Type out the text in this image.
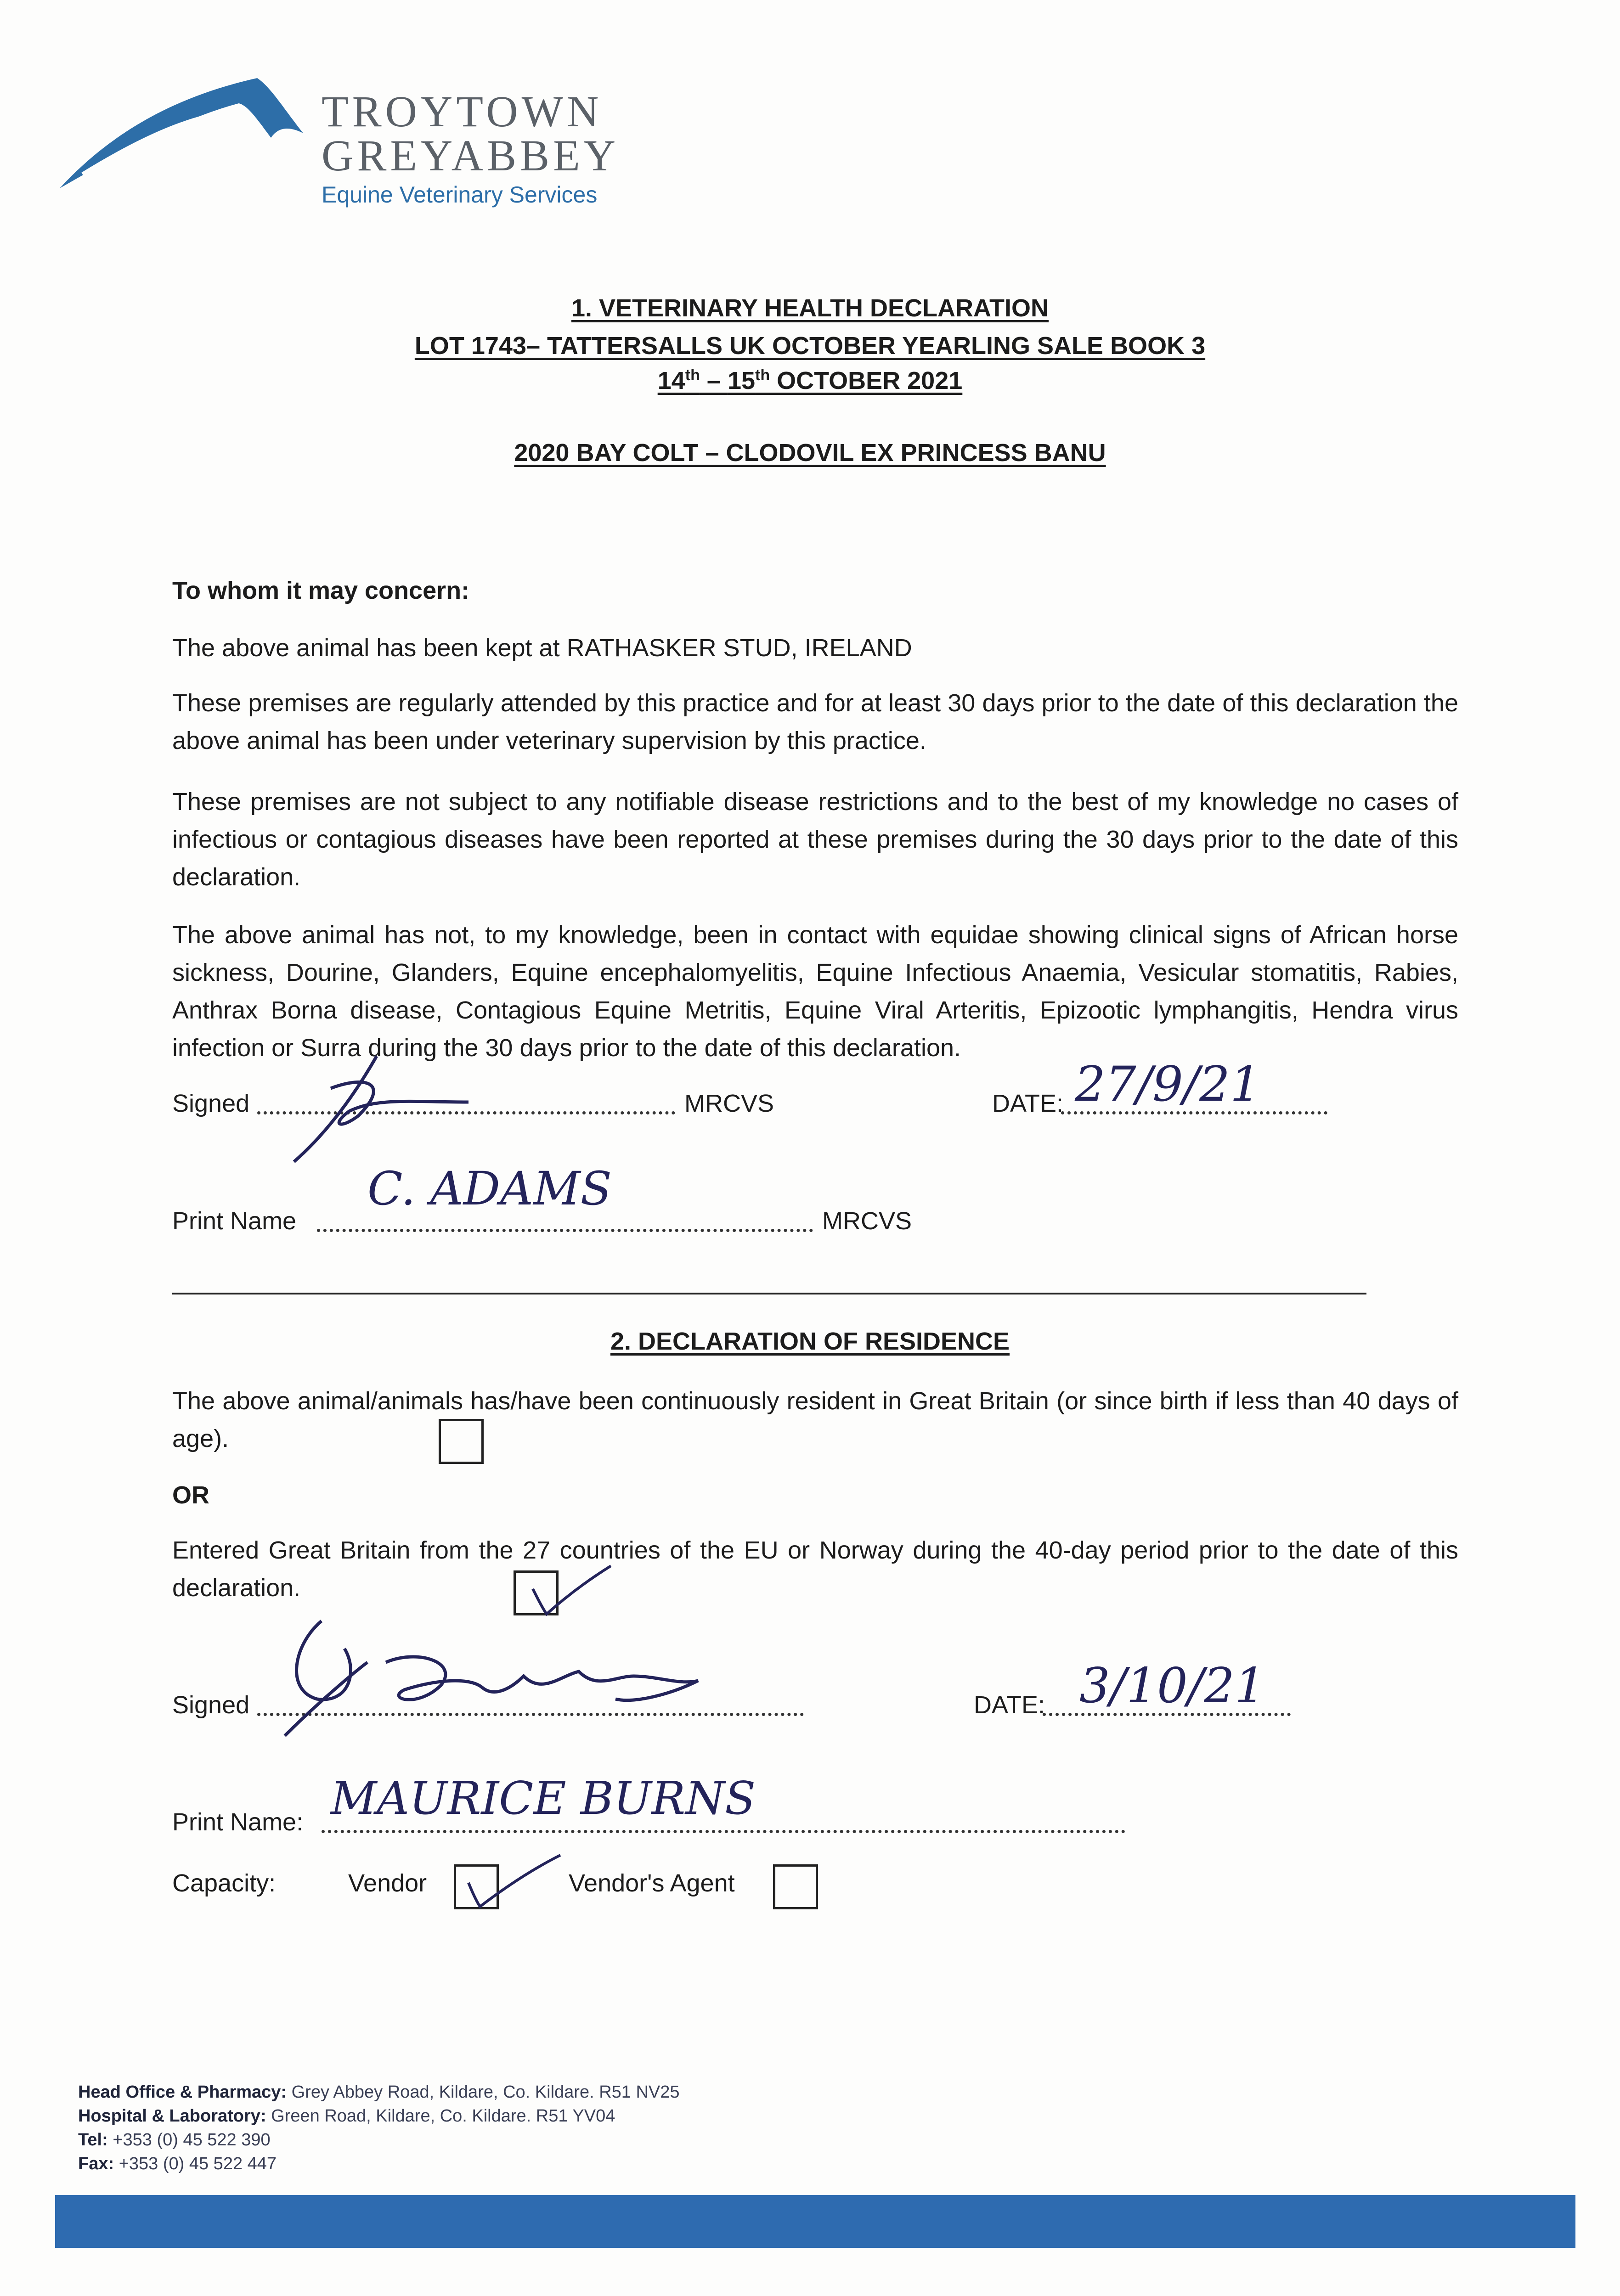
TROYTOWN
GREYABBEY
Equine Veterinary Services
1. VETERINARY HEALTH DECLARATION
LOT 1743– TATTERSALLS UK OCTOBER YEARLING SALE BOOK 3
14th – 15th OCTOBER 2021
2020 BAY COLT – CLODOVIL EX PRINCESS BANU

To whom it may concern:

The above animal has been kept at RATHASKER STUD, IRELAND

These premises are regularly attended by this practice and for at least 30 days prior to the date of this declaration the above animal has been under veterinary supervision by this practice.

These premises are not subject to any notifiable disease restrictions and to the best of my knowledge no cases of infectious or contagious diseases have been reported at these premises during the 30 days prior to the date of this declaration.

The above animal has not, to my knowledge, been in contact with equidae showing clinical signs of African horse sickness, Dourine, Glanders, Equine encephalomyelitis, Equine Infectious Anaemia, Vesicular stomatitis, Rabies, Anthrax Borna disease, Contagious Equine Metritis, Equine Viral Arteritis, Epizootic lymphangitis, Hendra virus infection or Surra during the 30 days prior to the date of this declaration.

Signed	MRCVS	DATE: 27/9/21
Print Name	MRCVS
C. ADAMS
2. DECLARATION OF RESIDENCE

The above animal/animals has/have been continuously resident in Great Britain (or since birth if less than 40 days of age).

OR

Entered Great Britain from the 27 countries of the EU or Norway during the 40-day period prior to the date of this declaration.

Signed	DATE: 3/10/21
Print Name: MAURICE BURNS
Capacity:	Vendor	Vendor's Agent
Head Office & Pharmacy: Grey Abbey Road, Kildare, Co. Kildare. R51 NV25
Hospital & Laboratory: Green Road, Kildare, Co. Kildare. R51 YV04
Tel: +353 (0) 45 522 390
Fax: +353 (0) 45 522 447
